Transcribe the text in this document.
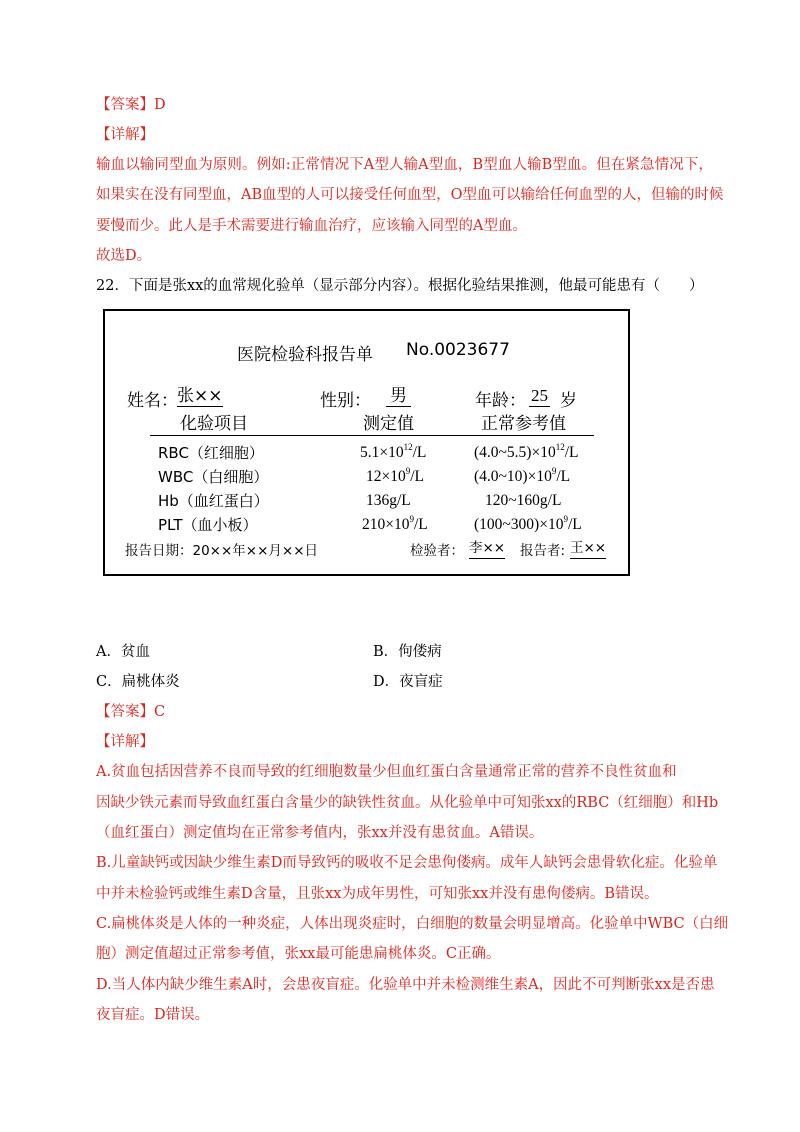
【答案】D
【详解】
输血以输同型血为原则。例如:正常情况下A型人输A型血，B型血人输B型血。但在紧急情况下，
如果实在没有同型血，AB血型的人可以接受任何血型，O型血可以输给任何血型的人，但输的时候
要慢而少。此人是手术需要进行输血治疗，应该输入同型的A型血。
故选D。
22．下面是张xx的血常规化验单（显示部分内容）。根据化验结果推测，他最可能患有（　　）
医院检验科报告单 No.0023677
姓名： 张××	性别： 男	年龄： 25 岁
化验项目	测定值	正常参考值
RBC（红细胞）	$5.1\times 10^{12}/L$	$(4.0\sim 5.5)\times 10^{12}/L$
WBC（白细胞）	$12\times 10^9/L$	$(4.0\sim 10)\times 10^9/L$
Hb（血红蛋白）	136g/L	120~160g/L
PLT（血小板）	$210\times 10^9/L$	$(100\sim 300)\times 10^9/L$
报告日期：20××年××月××日	检验者： 李×× 报告者: 王××
A．贫血	B．佝偻病
C．扁桃体炎	D．夜盲症
【答案】C
【详解】
A.贫血包括因营养不良而导致的红细胞数量少但血红蛋白含量通常正常的营养不良性贫血和
因缺少铁元素而导致血红蛋白含量少的缺铁性贫血。从化验单中可知张xx的RBC（红细胞）和Hb
（血红蛋白）测定值均在正常参考值内，张xx并没有患贫血。A错误。
B.儿童缺钙或因缺少维生素D而导致钙的吸收不足会患佝偻病。成年人缺钙会患骨软化症。化验单
中并未检验钙或维生素D含量，且张xx为成年男性，可知张xx并没有患佝偻病。B错误。
C.扁桃体炎是人体的一种炎症，人体出现炎症时，白细胞的数量会明显增高。化验单中WBC（白细
胞）测定值超过正常参考值，张xx最可能患扁桃体炎。C正确。
D.当人体内缺少维生素A时，会患夜盲症。化验单中并未检测维生素A，因此不可判断张xx是否患
夜盲症。D错误。
